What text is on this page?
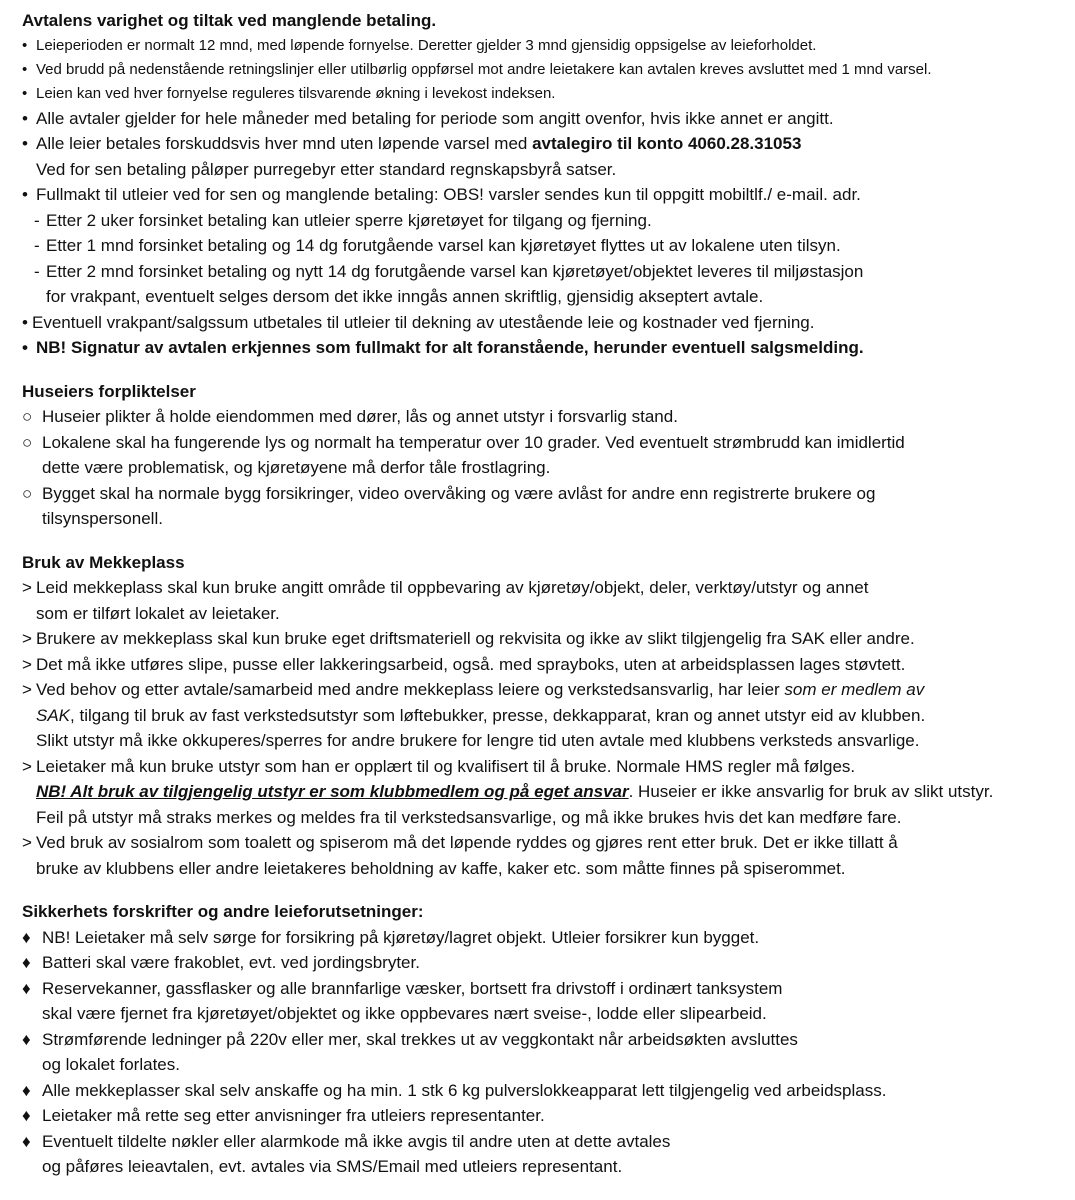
Avtalens varighet og tiltak ved manglende betaling.
• Leieperioden er normalt 12 mnd, med løpende fornyelse. Deretter gjelder 3 mnd gjensidig oppsigelse av leieforholdet.
• Ved brudd på nedenstående retningslinjer eller utilbørlig oppførsel mot andre leietakere kan avtalen kreves avsluttet med 1 mnd varsel.
• Leien kan ved hver fornyelse reguleres tilsvarende økning i levekost indeksen.
• Alle avtaler gjelder for hele måneder med betaling for periode som angitt ovenfor, hvis ikke annet er angitt.
• Alle leier betales forskuddsvis hver mnd uten løpende varsel med avtalegiro til konto 4060.28.31053
Ved for sen betaling påløper purregebyr etter standard regnskapsbyrå satser.
• Fullmakt til utleier ved for sen og manglende betaling: OBS! varsler sendes kun til oppgitt mobiltlf./ e-mail. adr.
- Etter 2 uker forsinket betaling kan utleier sperre kjøretøyet for tilgang og fjerning.
- Etter 1 mnd forsinket betaling og 14 dg forutgående varsel kan kjøretøyet flyttes ut av lokalene uten tilsyn.
- Etter 2 mnd forsinket betaling og nytt 14 dg forutgående varsel kan kjøretøyet/objektet leveres til miljøstasjon
for vrakpant, eventuelt selges dersom det ikke inngås annen skriftlig, gjensidig akseptert avtale.
• Eventuell vrakpant/salgssum utbetales til utleier til dekning av utestående leie og kostnader ved fjerning.
• NB! Signatur av avtalen erkjennes som fullmakt for alt foranstående, herunder eventuell salgsmelding.
Huseiers forpliktelser
○ Huseier plikter å holde eiendommen med dører, lås og annet utstyr i forsvarlig stand.
○ Lokalene skal ha fungerende lys og normalt ha temperatur over 10 grader. Ved eventuelt strømbrudd kan imidlertid
dette være problematisk, og kjøretøyene må derfor tåle frostlagring.
○ Bygget skal ha normale bygg forsikringer, video overvåking og være avlåst for andre enn registrerte brukere og
tilsynspersonell.
Bruk av Mekkeplass
> Leid mekkeplass skal kun bruke angitt område til oppbevaring av kjøretøy/objekt, deler, verktøy/utstyr og annet
som er tilført lokalet av leietaker.
> Brukere av mekkeplass skal kun bruke eget driftsmateriell og rekvisita og ikke av slikt tilgjengelig fra SAK eller andre.
> Det må ikke utføres slipe, pusse eller lakkeringsarbeid, også. med sprayboks, uten at arbeidsplassen lages støvtett.
> Ved behov og etter avtale/samarbeid med andre mekkeplass leiere og verkstedsansvarlig, har leier som er medlem av
SAK, tilgang til bruk av fast verkstedsutstyr som løftebukker, presse, dekkapparat, kran og annet utstyr eid av klubben.
Slikt utstyr må ikke okkuperes/sperres for andre brukere for lengre tid uten avtale med klubbens verksteds ansvarlige.
> Leietaker må kun bruke utstyr som han er opplært til og kvalifisert til å bruke. Normale HMS regler må følges.
NB! Alt bruk av tilgjengelig utstyr er som klubbmedlem og på eget ansvar. Huseier er ikke ansvarlig for bruk av slikt utstyr.
Feil på utstyr må straks merkes og meldes fra til verkstedsansvarlige, og må ikke brukes hvis det kan medføre fare.
> Ved bruk av sosialrom som toalett og spiserom må det løpende ryddes og gjøres rent etter bruk. Det er ikke tillatt å
bruke av klubbens eller andre leietakeres beholdning av kaffe, kaker etc. som måtte finnes på spiserommet.
Sikkerhets forskrifter og andre leieforutsetninger:
♦ NB! Leietaker må selv sørge for forsikring på kjøretøy/lagret objekt. Utleier forsikrer kun bygget.
♦ Batteri skal være frakoblet, evt. ved jordingsbryter.
♦ Reservekanner, gassflasker og alle brannfarlige væsker, bortsett fra drivstoff i ordinært tanksystem
skal være fjernet fra kjøretøyet/objektet og ikke oppbevares nært sveise-, lodde eller slipearbeid.
♦ Strømførende ledninger på 220v eller mer, skal trekkes ut av veggkontakt når arbeidsøkten avsluttes
og lokalet forlates.
♦ Alle mekkeplasser skal selv anskaffe og ha min. 1 stk 6 kg pulverslokkeapparat lett tilgjengelig ved arbeidsplass.
♦ Leietaker må rette seg etter anvisninger fra utleiers representanter.
♦ Eventuelt tildelte nøkler eller alarmkode må ikke avgis til andre uten at dette avtales
og påføres leieavtalen, evt. avtales via SMS/Email med utleiers representant.
